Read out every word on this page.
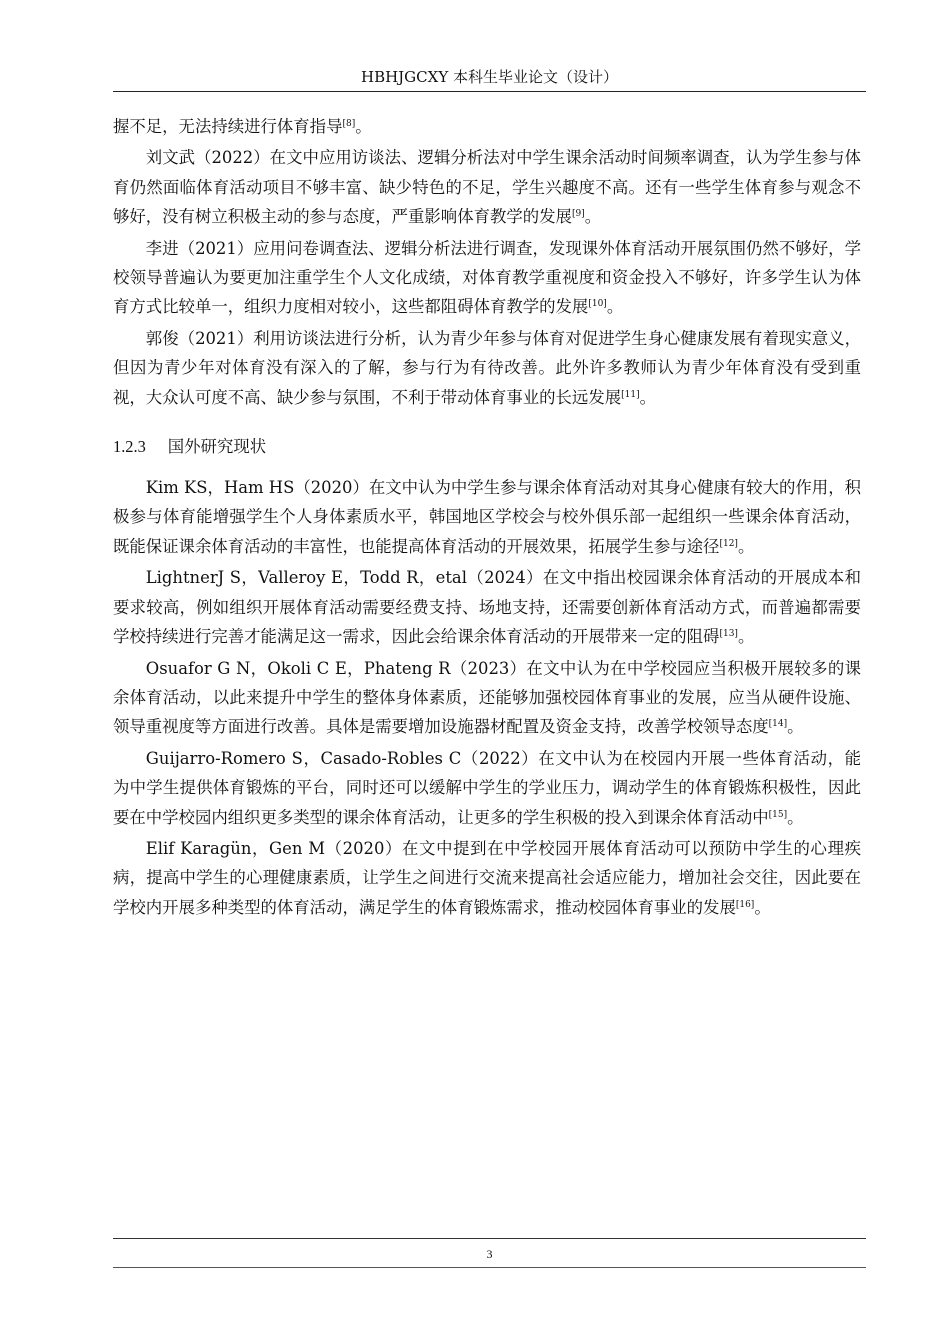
HBHJGCXY 本科生毕业论文（设计）

握不足，无法持续进行体育指导[8]。

刘文武（2022）在文中应用访谈法、逻辑分析法对中学生课余活动时间频率调查，认为学生参与体育仍然面临体育活动项目不够丰富、缺少特色的不足，学生兴趣度不高。还有一些学生体育参与观念不够好，没有树立积极主动的参与态度，严重影响体育教学的发展[9]。

李进（2021）应用问卷调查法、逻辑分析法进行调查，发现课外体育活动开展氛围仍然不够好，学校领导普遍认为要更加注重学生个人文化成绩，对体育教学重视度和资金投入不够好，许多学生认为体育方式比较单一，组织力度相对较小，这些都阻碍体育教学的发展[10]。

郭俊（2021）利用访谈法进行分析，认为青少年参与体育对促进学生身心健康发展有着现实意义，但因为青少年对体育没有深入的了解，参与行为有待改善。此外许多教师认为青少年体育没有受到重视，大众认可度不高、缺少参与氛围，不利于带动体育事业的长远发展[11]。

1.2.3 国外研究现状

Kim KS，Ham HS（2020）在文中认为中学生参与课余体育活动对其身心健康有较大的作用，积极参与体育能增强学生个人身体素质水平，韩国地区学校会与校外俱乐部一起组织一些课余体育活动，既能保证课余体育活动的丰富性，也能提高体育活动的开展效果，拓展学生参与途径[12]。

LightnerJ S，Valleroy E，Todd R，etal（2024）在文中指出校园课余体育活动的开展成本和要求较高，例如组织开展体育活动需要经费支持、场地支持，还需要创新体育活动方式，而普遍都需要学校持续进行完善才能满足这一需求，因此会给课余体育活动的开展带来一定的阻碍[13]。

Osuafor G N，Okoli C E，Phateng R（2023）在文中认为在中学校园应当积极开展较多的课余体育活动，以此来提升中学生的整体身体素质，还能够加强校园体育事业的发展，应当从硬件设施、领导重视度等方面进行改善。具体是需要增加设施器材配置及资金支持，改善学校领导态度[14]。

Guijarro-Romero S，Casado-Robles C（2022）在文中认为在校园内开展一些体育活动，能为中学生提供体育锻炼的平台，同时还可以缓解中学生的学业压力，调动学生的体育锻炼积极性，因此要在中学校园内组织更多类型的课余体育活动，让更多的学生积极的投入到课余体育活动中[15]。

Elif Karagün，Gen M（2020）在文中提到在中学校园开展体育活动可以预防中学生的心理疾病，提高中学生的心理健康素质，让学生之间进行交流来提高社会适应能力，增加社会交往，因此要在学校内开展多种类型的体育活动，满足学生的体育锻炼需求，推动校园体育事业的发展[16]。

3
